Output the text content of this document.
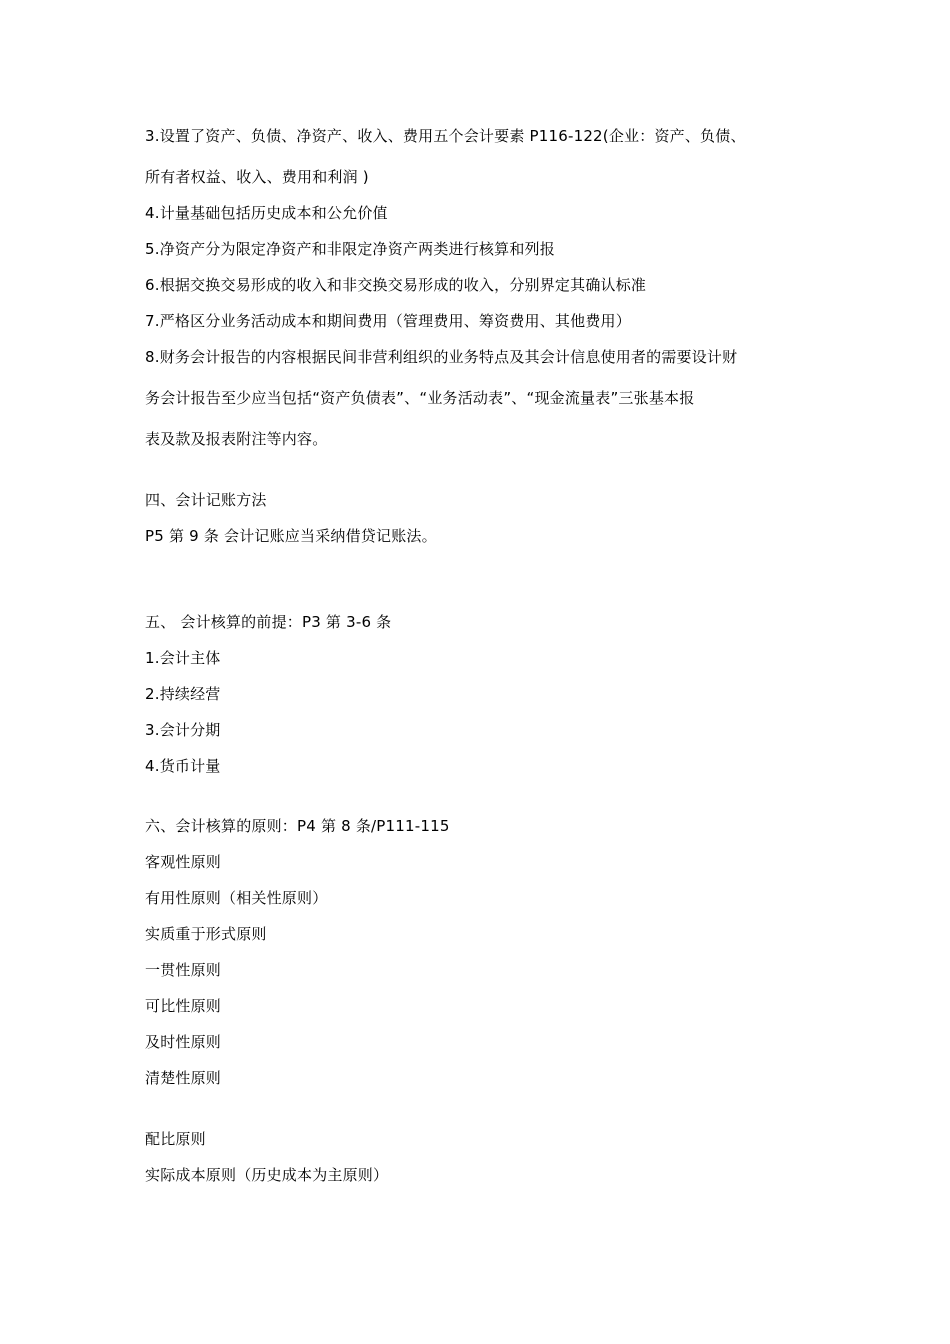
3.设置了资产、负债、净资产、收入、费用五个会计要素 P116-122(企业：资产、负债、
所有者权益、收入、费用和利润 )
4.计量基础包括历史成本和公允价值
5.净资产分为限定净资产和非限定净资产两类进行核算和列报
6.根据交换交易形成的收入和非交换交易形成的收入，分别界定其确认标准
7.严格区分业务活动成本和期间费用（管理费用、筹资费用、其他费用）
8.财务会计报告的内容根据民间非营利组织的业务特点及其会计信息使用者的需要设计财
务会计报告至少应当包括“资产负债表”、“业务活动表”、“现金流量表”三张基本报
表及款及报表附注等内容。
四、会计记账方法
P5 第 9 条 会计记账应当采纳借贷记账法。
五、 会计核算的前提：P3 第 3-6 条
1.会计主体
2.持续经营
3.会计分期
4.货币计量
六、会计核算的原则：P4 第 8 条/P111-115
客观性原则
有用性原则（相关性原则）
实质重于形式原则
一贯性原则
可比性原则
及时性原则
清楚性原则
配比原则
实际成本原则（历史成本为主原则）
